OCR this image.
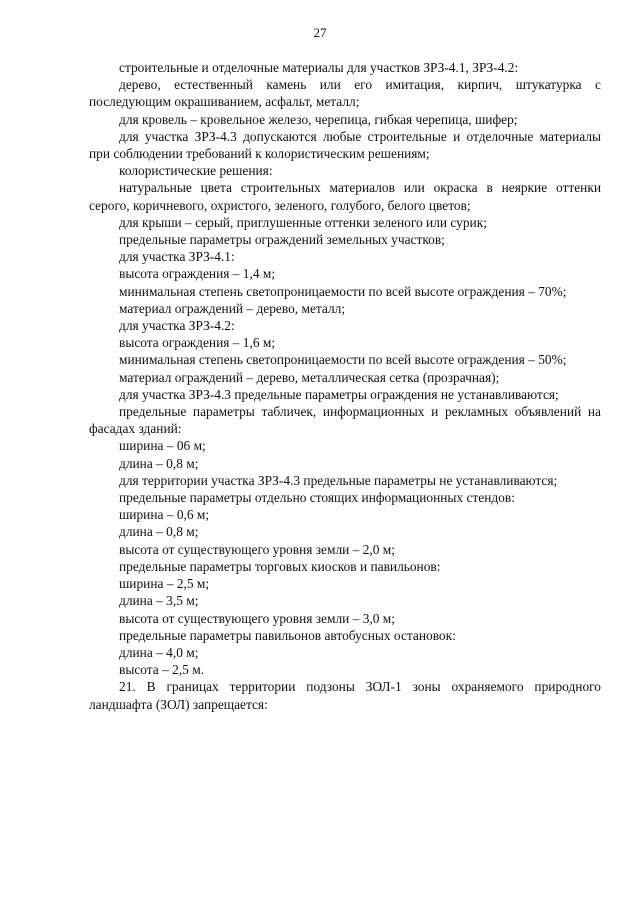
27

строительные и отделочные материалы для участков ЗРЗ-4.1, ЗРЗ-4.2:

дерево, естественный камень или его имитация, кирпич, штукатурка с последующим окрашиванием, асфальт, металл;

для кровель – кровельное железо, черепица, гибкая черепица, шифер;

для участка ЗРЗ-4.3 допускаются любые строительные и отделочные материалы при соблюдении требований к колористическим решениям;

колористические решения:

натуральные цвета строительных материалов или окраска в неяркие оттенки серого, коричневого, охристого, зеленого, голубого, белого цветов;

для крыши – серый, приглушенные оттенки зеленого или сурик;

предельные параметры ограждений земельных участков;

для участка ЗРЗ-4.1:

высота ограждения – 1,4 м;

минимальная степень светопроницаемости по всей высоте ограждения – 70%;

материал ограждений – дерево, металл;

для участка ЗРЗ-4.2:

высота ограждения – 1,6 м;

минимальная степень светопроницаемости по всей высоте ограждения – 50%;

материал ограждений – дерево, металлическая сетка (прозрачная);

для участка ЗРЗ-4.3 предельные параметры ограждения не устанавливаются;

предельные параметры табличек, информационных и рекламных объявлений на фасадах зданий:

ширина – 06 м;

длина – 0,8 м;

для территории участка ЗРЗ-4.3 предельные параметры не устанавливаются;

предельные параметры отдельно стоящих информационных стендов:

ширина – 0,6 м;

длина – 0,8 м;

высота от существующего уровня земли – 2,0 м;

предельные параметры торговых киосков и павильонов:

ширина – 2,5 м;

длина – 3,5 м;

высота от существующего уровня земли – 3,0 м;

предельные параметры павильонов автобусных остановок:

длина – 4,0 м;

высота – 2,5 м.

21. В границах территории подзоны ЗОЛ-1 зоны охраняемого природного ландшафта (ЗОЛ) запрещается:
